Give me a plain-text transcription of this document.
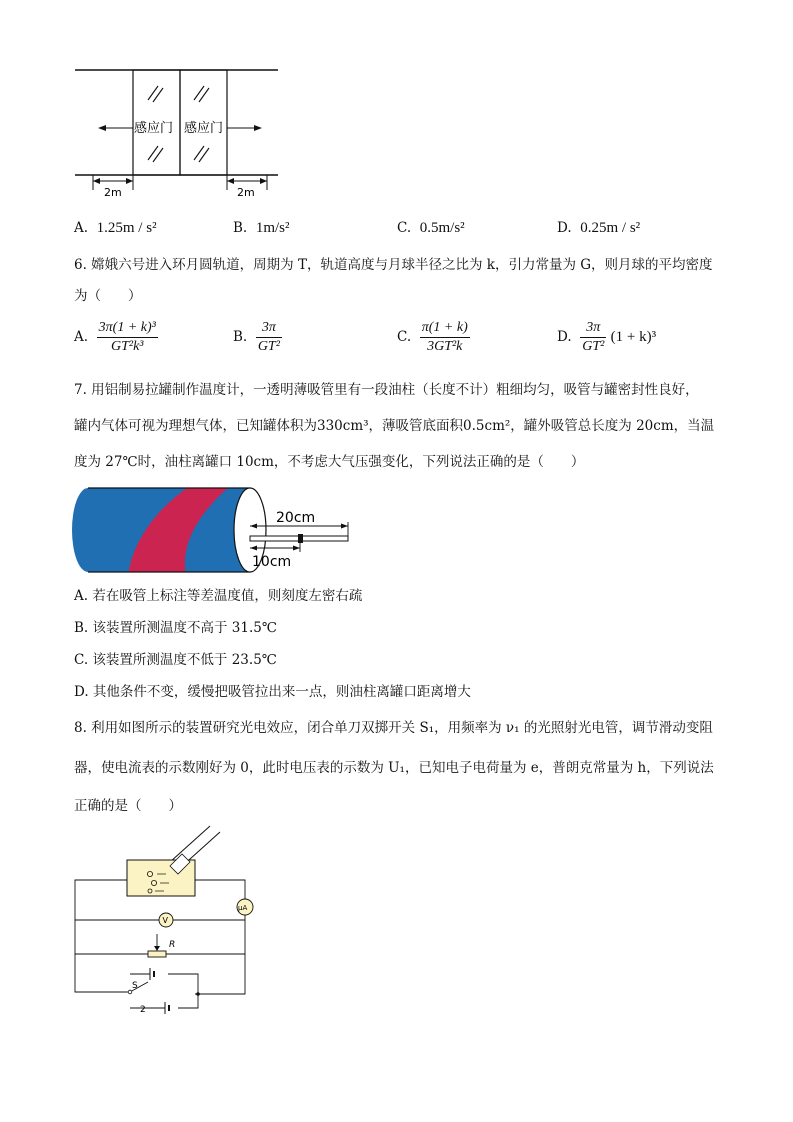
感应门 感应门
2m	2m
A. 1.25m / s²	B. 1m/s²	C. 0.5m/s²	D. 0.25m / s²
6. 嫦娥六号进入环月圆轨道，周期为 T，轨道高度与月球半径之比为 k，引力常量为 G，则月球的平均密度
为（　　）
A. $\frac{\text{3π(1 + k)³}}{\text{GT²k³}}$	B. $\frac{3\pi}{\text{GT²}}$	C. $\frac{\pi(1 + k)}{\text{3GT²k}}$	D. $\frac{3\pi}{\text{GT²}} (1 + k)^3$
7. 用铝制易拉罐制作温度计，一透明薄吸管里有一段油柱（长度不计）粗细均匀，吸管与罐密封性良好，
罐内气体可视为理想气体，已知罐体积为330cm³，薄吸管底面积0.5cm²，罐外吸管总长度为 20cm，当温
度为 27℃时，油柱离罐口 10cm，不考虑大气压强变化，下列说法正确的是（　　）
20cm
10cm
A. 若在吸管上标注等差温度值，则刻度左密右疏
B. 该装置所测温度不高于 31.5℃
C. 该装置所测温度不低于 23.5℃
D. 其他条件不变，缓慢把吸管拉出来一点，则油柱离罐口距离增大
8. 利用如图所示的装置研究光电效应，闭合单刀双掷开关 S₁，用频率为 ν₁ 的光照射光电管，调节滑动变阻
器，使电流表的示数刚好为 0，此时电压表的示数为 U₁，已知电子电荷量为 e，普朗克常量为 h，下列说法
正确的是（　　）
μA
V
R
S
2
